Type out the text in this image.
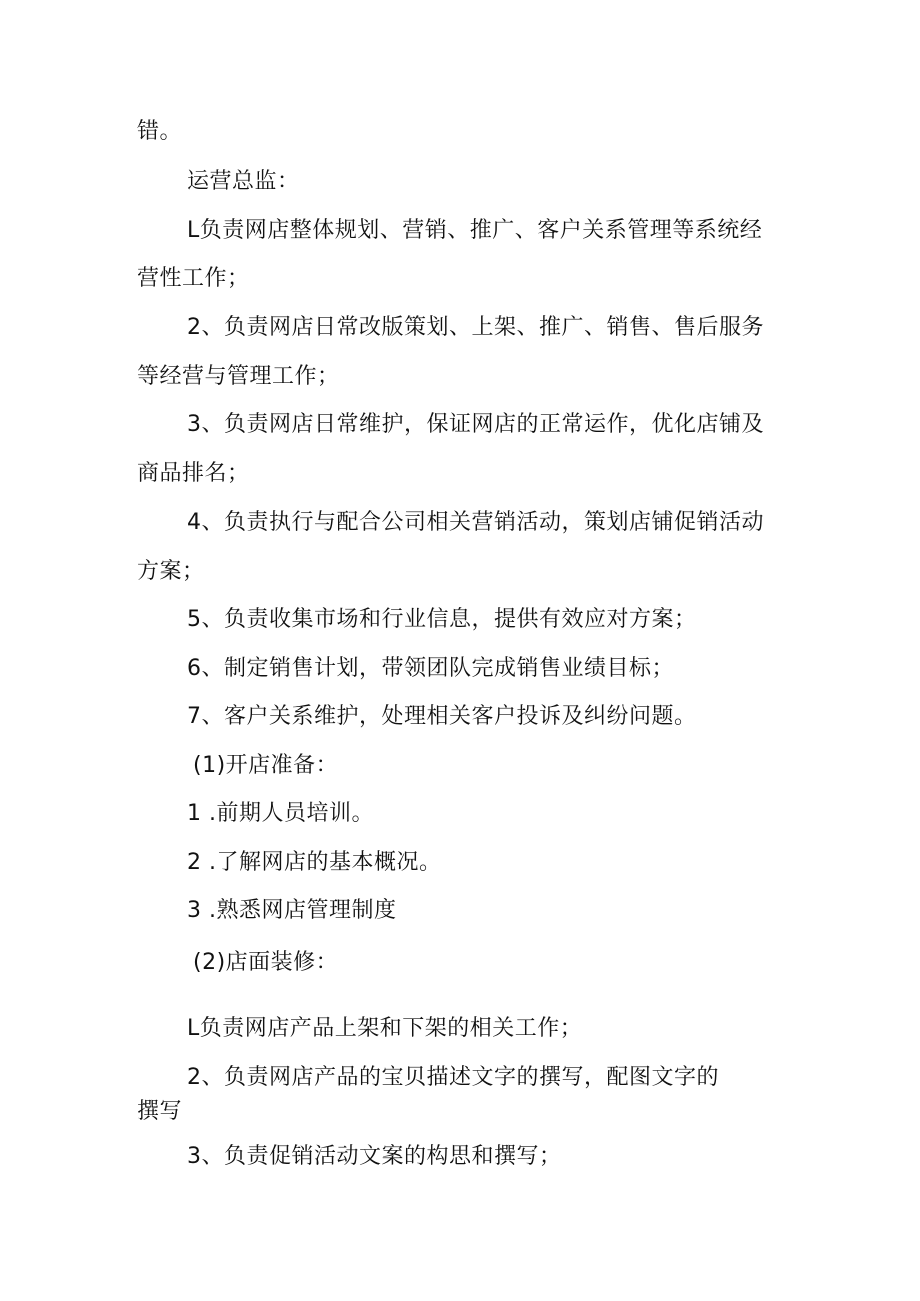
错。
运营总监：
L负责网店整体规划、营销、推广、客户关系管理等系统经
营性工作；
2、负责网店日常改版策划、上架、推广、销售、售后服务
等经营与管理工作；
3、负责网店日常维护，保证网店的正常运作，优化店铺及
商品排名；
4、负责执行与配合公司相关营销活动，策划店铺促销活动
方案；
5、负责收集市场和行业信息，提供有效应对方案；
6、制定销售计划，带领团队完成销售业绩目标；
7、客户关系维护，处理相关客户投诉及纠纷问题。
(1)开店准备：
1 .前期人员培训。
2 .了解网店的基本概况。
3 .熟悉网店管理制度
(2)店面装修：
L负责网店产品上架和下架的相关工作；
2、负责网店产品的宝贝描述文字的撰写，配图文字的
撰写
3、负责促销活动文案的构思和撰写；
